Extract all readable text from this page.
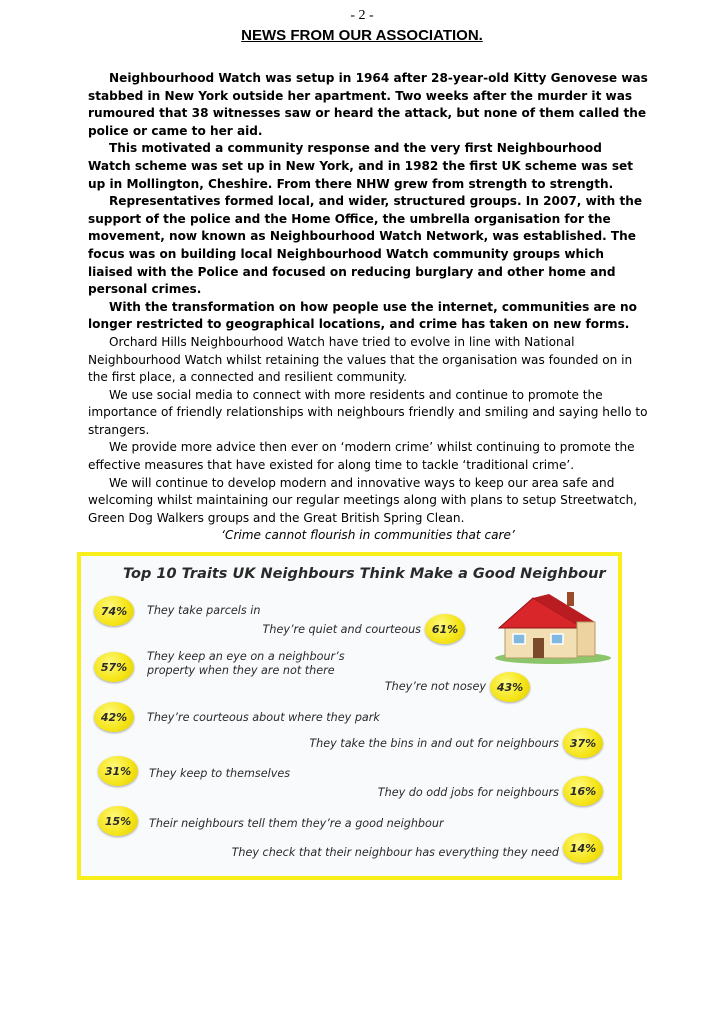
- 2 -
NEWS FROM OUR ASSOCIATION.

Neighbourhood Watch was setup in 1964 after 28-year-old Kitty Genovese was stabbed in New York outside her apartment. Two weeks after the murder it was rumoured that 38 witnesses saw or heard the attack, but none of them called the police or came to her aid.

This motivated a community response and the very first Neighbourhood Watch scheme was set up in New York, and in 1982 the first UK scheme was set up in Mollington, Cheshire. From there NHW grew from strength to strength.

Representatives formed local, and wider, structured groups. In 2007, with the support of the police and the Home Office, the umbrella organisation for the movement, now known as Neighbourhood Watch Network, was established. The focus was on building local Neighbourhood Watch community groups which liaised with the Police and focused on reducing burglary and other home and personal crimes.

With the transformation on how people use the internet, communities are no longer restricted to geographical locations, and crime has taken on new forms.

Orchard Hills Neighbourhood Watch have tried to evolve in line with National Neighbourhood Watch whilst retaining the values that the organisation was founded on in the first place, a connected and resilient community.

We use social media to connect with more residents and continue to promote the importance of friendly relationships with neighbours friendly and smiling and saying hello to strangers.

We provide more advice then ever on ‘modern crime’ whilst continuing to promote the effective measures that have existed for along time to tackle ‘traditional crime’.

We will continue to develop modern and innovative ways to keep our area safe and welcoming whilst maintaining our regular meetings along with plans to setup Streetwatch, Green Dog Walkers groups and the Great British Spring Clean.

‘Crime cannot flourish in communities that care’

Top 10 Traits UK Neighbours Think Make a Good Neighbour
74%	They take parcels in
They’re quiet and courteous 61%
57%
They keep an eye on a neighbour’s property when they are not there
They’re not nosey 43%
42%	They’re courteous about where they park
They take the bins in and out for neighbours 37%
31%	They keep to themselves
They do odd jobs for neighbours 16%
15%	Their neighbours tell them they’re a good neighbour
They check that their neighbour has everything they need 14%
